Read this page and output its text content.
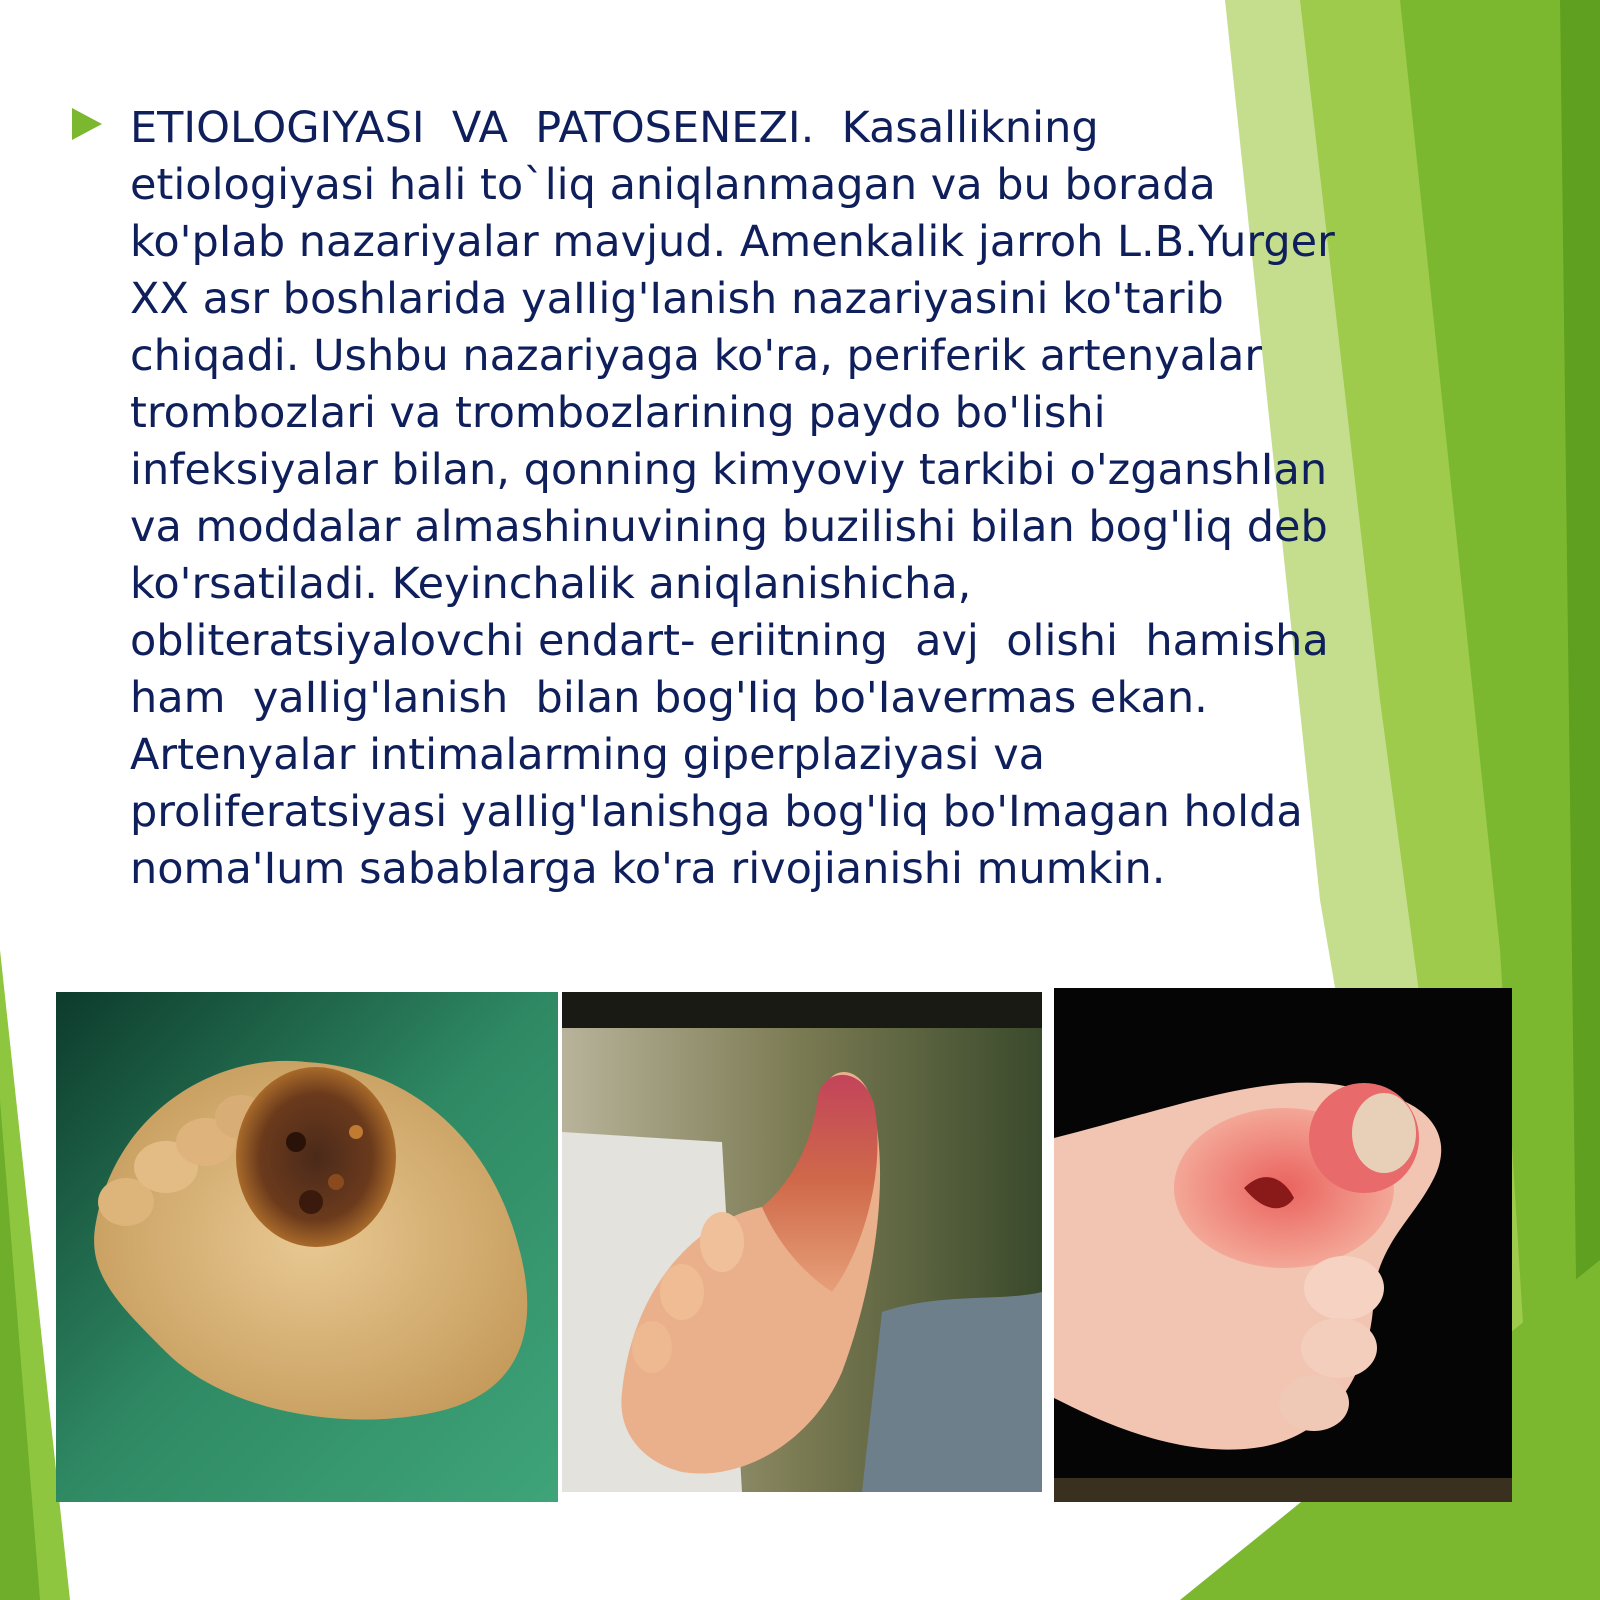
ETIOLOGIYASI  VA  PATOSENEZI.  Kasallikning
etiologiyasi hali to`liq aniqlanmagan va bu borada
ko'pIab nazariyalar mavjud. Amenkalik jarroh L.B.Yurger
XX asr boshlarida yaIIig'Ianish nazariyasini ko'tarib
chiqadi. Ushbu nazariyaga ko'ra, periferik artenyalar
trombozlari va trombozlarining paydo bo'lishi
infeksiyalar bilan, qonning kimyoviy tarkibi o'zganshIan
va moddalar almashinuvining buzilishi bilan bog'Iiq deb
ko'rsatiladi. Keyinchalik aniqlanishicha,
obliteratsiyalovchi endart- eriitning  avj  olishi  hamisha
ham  yaIIig'lanish  bilan bog'Iiq bo'Iavermas ekan.
Artenyalar intimalarming giperplaziyasi va
proliferatsiyasi yaIIig'Ianishga bog'Iiq bo'Imagan holda
noma'Ium sabablarga ko'ra rivojianishi mumkin.
